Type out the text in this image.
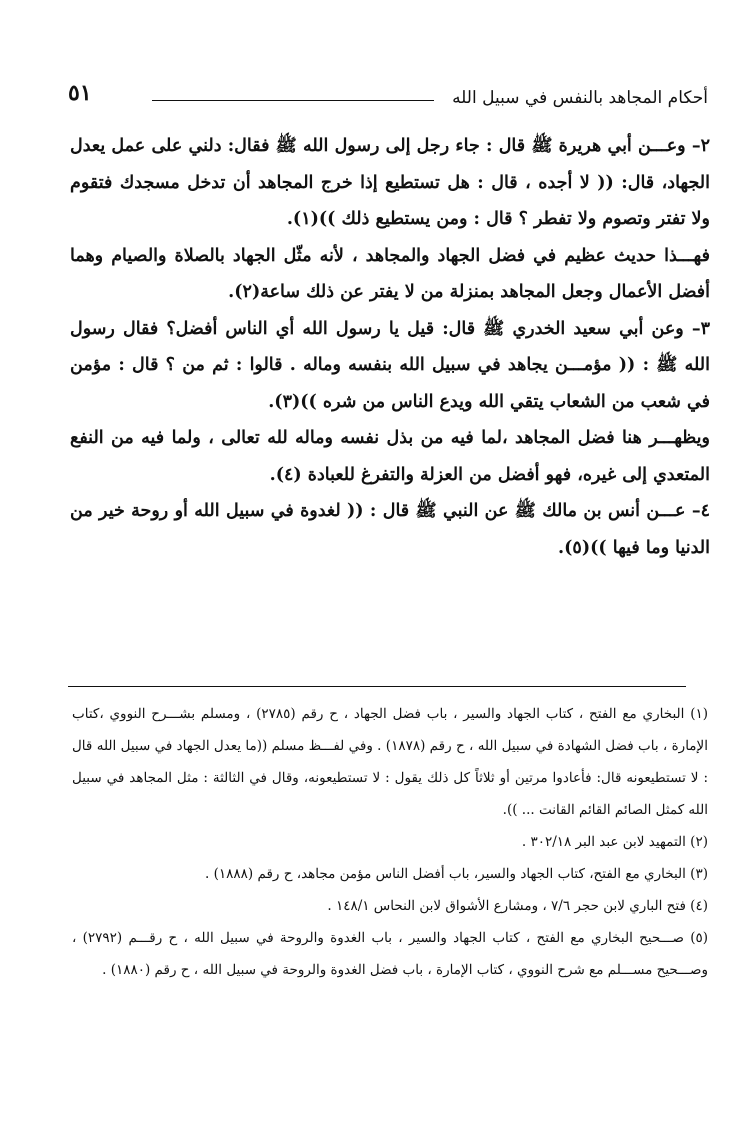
أحكام المجاهد بالنفس في سبيل الله
٥١

٢– وعـــن أبي هريرة ﷺ قال : جاء رجل إلى رسول الله ﷺ فقال: دلني على عمل يعدل الجهاد، قال: (( لا أجده ، قال : هل تستطيع إذا خرج المجاهد أن تدخل مسجدك فتقوم ولا تفتر وتصوم ولا تفطر ؟ قال : ومن يستطيع ذلك ))(١).

فهـــذا حديث عظيم في فضل الجهاد والمجاهد ، لأنه مثّل الجهاد بالصلاة والصيام وهما أفضل الأعمال وجعل المجاهد بمنزلة من لا يفتر عن ذلك ساعة(٢).

٣– وعن أبي سعيد الخدري ﷺ قال: قيل يا رسول الله أي الناس أفضل؟ فقال رسول الله ﷺ : (( مؤمـــن يجاهد في سبيل الله بنفسه وماله . قالوا : ثم من ؟ قال : مؤمن في شعب من الشعاب يتقي الله ويدع الناس من شره ))(٣).

ويظهـــر هنا فضل المجاهد ،لما فيه من بذل نفسه وماله لله تعالى ، ولما فيه من النفع المتعدي إلى غيره، فهو أفضل من العزلة والتفرغ للعبادة (٤).

٤– عـــن أنس بن مالك ﷺ عن النبي ﷺ قال : (( لغدوة في سبيل الله أو روحة خير من الدنيا وما فيها ))(٥).

(١) البخاري مع الفتح ، كتاب الجهاد والسير ، باب فضل الجهاد ، ح رقم (٢٧٨٥) ، ومسلم بشـــرح النووي ،كتاب الإمارة ، باب فضل الشهادة في سبيل الله ، ح رقم (١٨٧٨) . وفي لفـــظ مسلم ((ما يعدل الجهاد في سبيل الله قال : لا تستطيعونه قال: فأعادوا مرتين أو ثلاثاً كل ذلك يقول : لا تستطيعونه، وقال في الثالثة : مثل المجاهد في سبيل الله كمثل الصائم القائم القانت ... )).

(٢) التمهيد لابن عبد البر ٣٠٢/١٨ .

(٣) البخاري مع الفتح، كتاب الجهاد والسير، باب أفضل الناس مؤمن مجاهد، ح رقم (١٨٨٨) .

(٤) فتح الباري لابن حجر ٧/٦ ، ومشارع الأشواق لابن النحاس ١٤٨/١ .

(٥) صـــحيح البخاري مع الفتح ، كتاب الجهاد والسير ، باب الغدوة والروحة في سبيل الله ، ح رقـــم (٢٧٩٢) ، وصـــحيح مســـلم مع شرح النووي ، كتاب الإمارة ، باب فضل الغدوة والروحة في سبيل الله ، ح رقم (١٨٨٠) .
